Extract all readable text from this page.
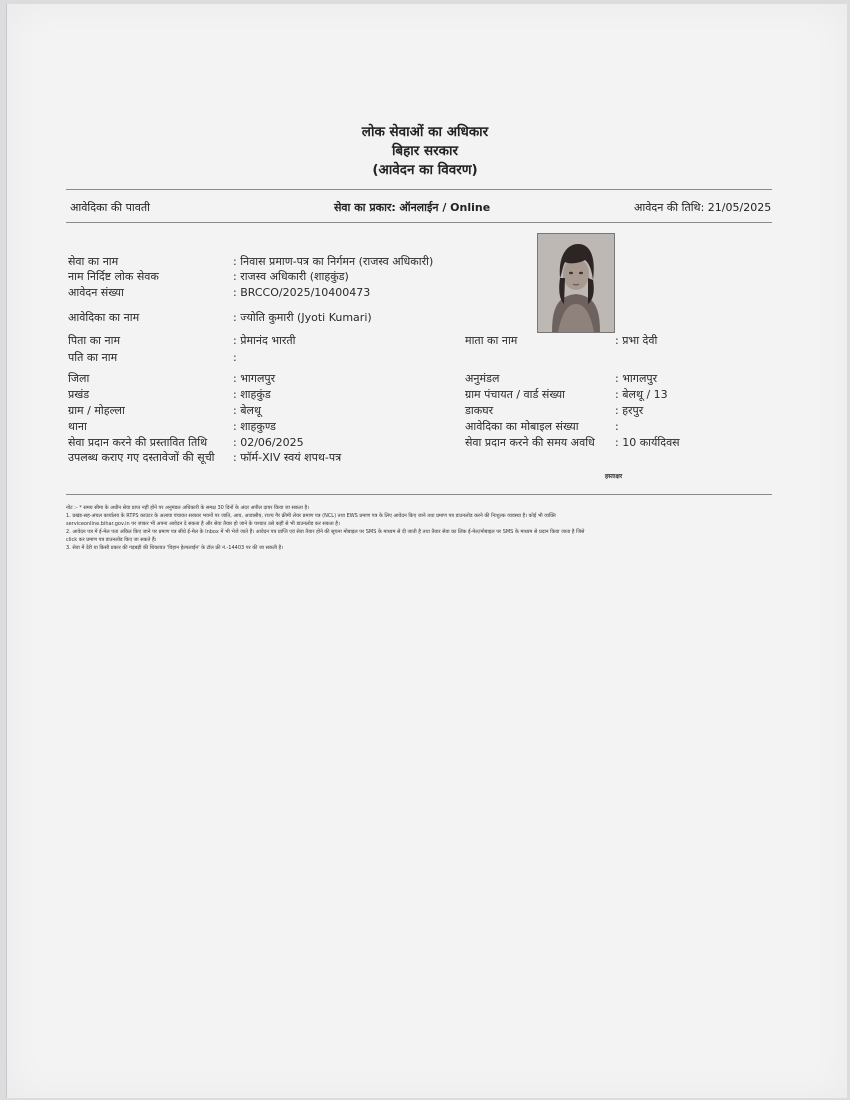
लोक सेवाओं का अधिकार
बिहार सरकार
(आवेदन का विवरण)
आवेदिका की पावती	सेवा का प्रकार: ऑनलाईन / Online	आवेदन की तिथि: 21/05/2025
सेवा का नाम	: निवास प्रमाण-पत्र का निर्गमन (राजस्व अधिकारी)
नाम निर्दिष्ट लोक सेवक	: राजस्व अधिकारी (शाहकुंड)
आवेदन संख्या	: BRCCO/2025/10400473
आवेदिका का नाम	: ज्योति कुमारी (Jyoti Kumari)
पिता का नाम	: प्रेमानंद भारती	माता का नाम	: प्रभा देवी
पति का नाम	:
जिला	: भागलपुर	अनुमंडल	: भागलपुर
प्रखंड	: शाहकुंड	ग्राम पंचायत / वार्ड संख्या	: बेलथू / 13
ग्राम / मोहल्ला	: बेलथू	डाकघर	: हरपुर
थाना	: शाहकुण्ड	आवेदिका का मोबाइल संख्या	:
सेवा प्रदान करने की प्रस्तावित तिथि : 02/06/2025	सेवा प्रदान करने की समय अवधि : 10 कार्यदिवस
उपलब्ध कराए गए दस्तावेजों की सूची : फॉर्म-XIV स्वयं शपथ-पत्र
हस्ताक्षर
नोट :- * समय सीमा के अधीन सेवा प्राप्त नहीं होने पर अनुमंडल अधिकारी के समक्ष 30 दिनों के अंदर अपील दायर किया जा सकता है।
1. प्रखंड-सह-अंचल कार्यालय के RTPS काउंटर के अलावा पंचायत सरकार भवनों पर जाति, आय, आवासीय, राज्य गैर क्रीमी लेयर प्रमाण पत्र (NCL) तथा EWS प्रमाण पत्र के लिए आवेदन किए जाने तथा प्रमाण पत्र डाउनलोड करने की निःशुल्क व्यवस्था है। कोई भी व्यक्ति
serviceonline.bihar.gov.in पर जाकर भी अपना आवेदन दे सकता है और सेवा तैयार हो जाने के पश्चात उसे कहीं से भी डाउनलोड कर सकता है।
2. आवेदन पत्र में ई-मेल पता अंकित किए जाने पर प्रमाण पत्र सीधे ई-मेल के Inbox में भी भेजे जाते हैं। आवेदन पत्र प्राप्ति एवं सेवा तैयार होने की सूचना मोबाइल पर SMS के माध्यम से दी जाती है तथा तैयार सेवा का लिंक ई-मेल/मोबाइल पर SMS के माध्यम से प्रदान किया जाता है जिसे
click कर प्रमाण पत्र डाउनलोड किए जा सकते हैं।
3. सेवा में देरी या किसी प्रकार की गड़बड़ी की शिकायत 'विहान हेल्पलाईन' के टॉल फ्री नं.-14403 पर की जा सकती है।
